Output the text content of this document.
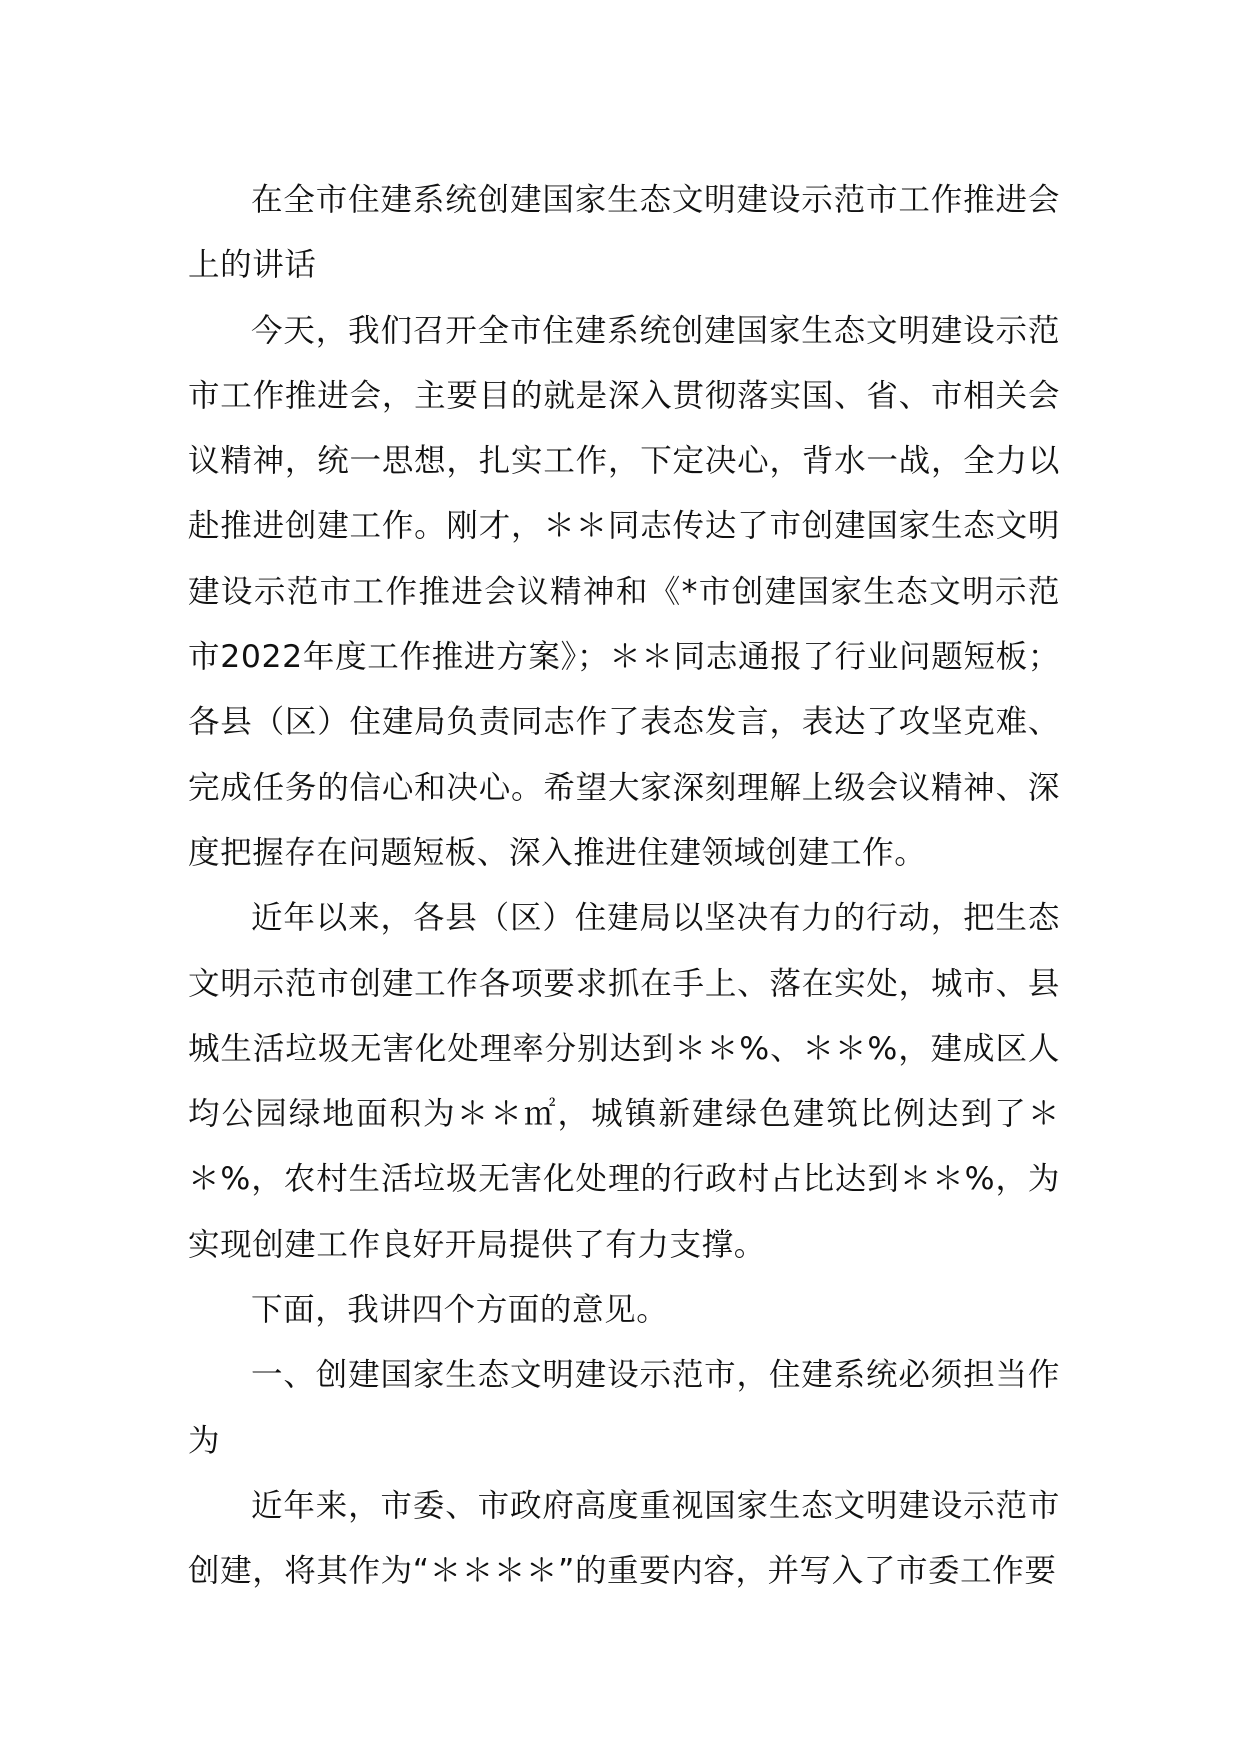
在全市住建系统创建国家生态文明建设示范市工作推进会上的讲话

今天，我们召开全市住建系统创建国家生态文明建设示范市工作推进会，主要目的就是深入贯彻落实国、省、市相关会议精神，统一思想，扎实工作，下定决心，背水一战，全力以赴推进创建工作。刚才，＊＊同志传达了市创建国家生态文明建设示范市工作推进会议精神和《*市创建国家生态文明示范市2022年度工作推进方案》；＊＊同志通报了行业问题短板；各县（区）住建局负责同志作了表态发言，表达了攻坚克难、完成任务的信心和决心。希望大家深刻理解上级会议精神、深度把握存在问题短板、深入推进住建领域创建工作。

近年以来，各县（区）住建局以坚决有力的行动，把生态文明示范市创建工作各项要求抓在手上、落在实处，城市、县城生活垃圾无害化处理率分别达到＊＊%、＊＊%，建成区人均公园绿地面积为＊＊㎡，城镇新建绿色建筑比例达到了＊＊%，农村生活垃圾无害化处理的行政村占比达到＊＊%，为实现创建工作良好开局提供了有力支撑。

下面，我讲四个方面的意见。

一、创建国家生态文明建设示范市，住建系统必须担当作为

近年来，市委、市政府高度重视国家生态文明建设示范市创建，将其作为“＊＊＊＊”的重要内容，并写入了市委工作要
